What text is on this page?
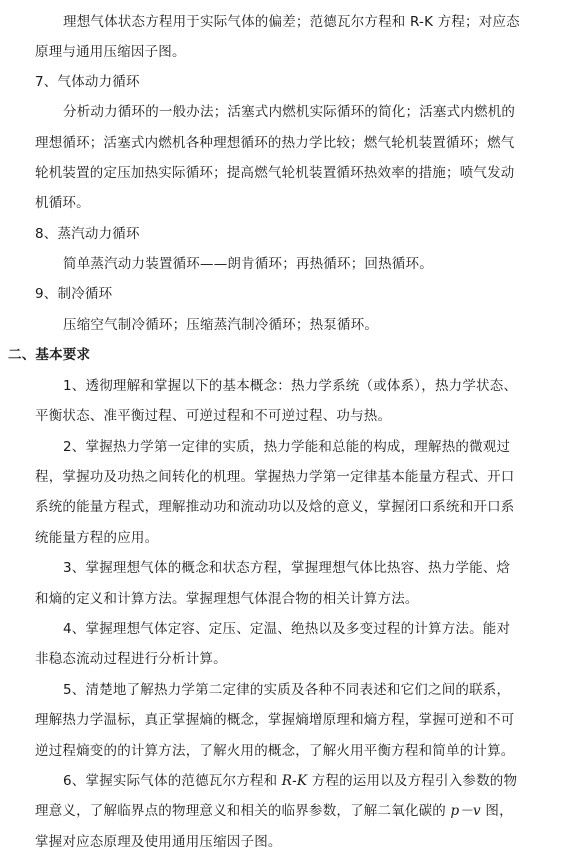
理想气体状态方程用于实际气体的偏差；范德瓦尔方程和 R-K 方程；对应态
原理与通用压缩因子图。
7、气体动力循环
分析动力循环的一般办法；活塞式内燃机实际循环的简化；活塞式内燃机的
理想循环；活塞式内燃机各种理想循环的热力学比较；燃气轮机装置循环；燃气
轮机装置的定压加热实际循环；提高燃气轮机装置循环热效率的措施；喷气发动
机循环。
8、蒸汽动力循环
简单蒸汽动力装置循环——朗肯循环；再热循环；回热循环。
9、制冷循环
压缩空气制冷循环；压缩蒸汽制冷循环；热泵循环。
二、基本要求
1、透彻理解和掌握以下的基本概念：热力学系统（或体系），热力学状态、
平衡状态、准平衡过程、可逆过程和不可逆过程、功与热。
2、掌握热力学第一定律的实质，热力学能和总能的构成，理解热的微观过
程，掌握功及功热之间转化的机理。掌握热力学第一定律基本能量方程式、开口
系统的能量方程式，理解推动功和流动功以及焓的意义，掌握闭口系统和开口系
统能量方程的应用。
3、掌握理想气体的概念和状态方程，掌握理想气体比热容、热力学能、焓
和熵的定义和计算方法。掌握理想气体混合物的相关计算方法。
4、掌握理想气体定容、定压、定温、绝热以及多变过程的计算方法。能对
非稳态流动过程进行分析计算。
5、清楚地了解热力学第二定律的实质及各种不同表述和它们之间的联系，
理解热力学温标，真正掌握熵的概念，掌握熵增原理和熵方程，掌握可逆和不可
逆过程熵变的的计算方法，了解火用的概念，了解火用平衡方程和简单的计算。
6、掌握实际气体的范德瓦尔方程和 R-K 方程的运用以及方程引入参数的物
理意义，了解临界点的物理意义和相关的临界参数，了解二氧化碳的 p－v 图，
掌握对应态原理及使用通用压缩因子图。
